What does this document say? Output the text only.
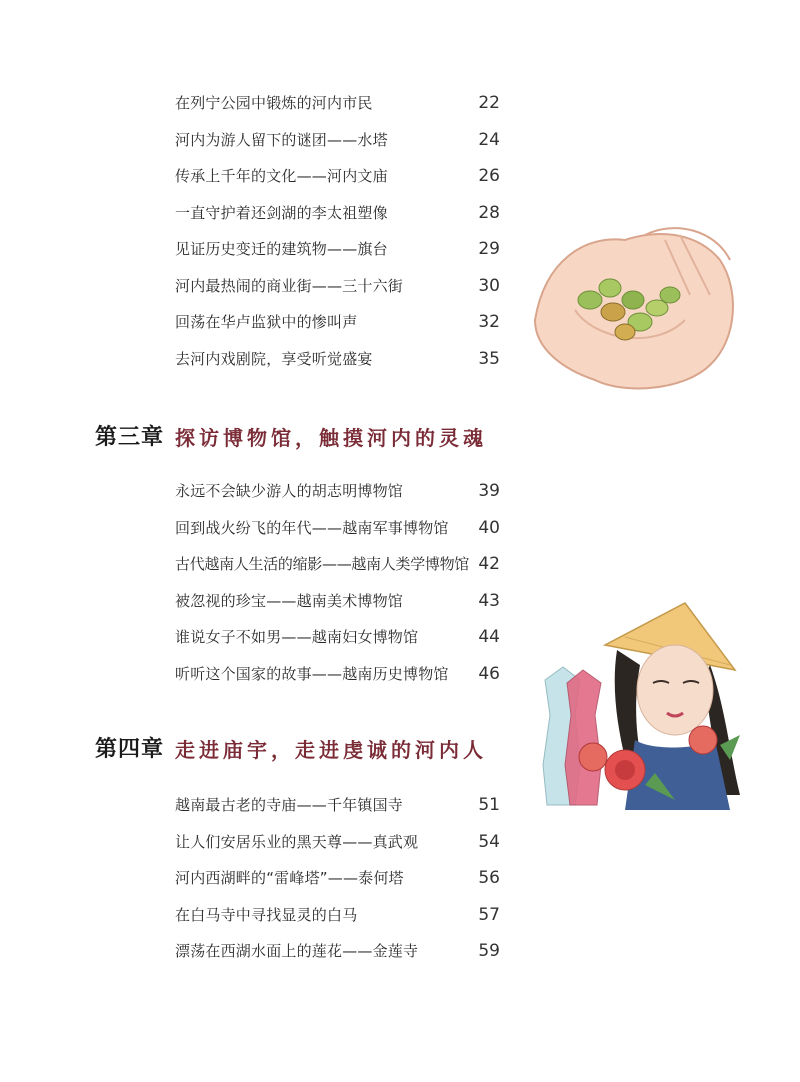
在列宁公园中锻炼的河内市民	22
河内为游人留下的谜团——水塔	24
传承上千年的文化——河内文庙	26
一直守护着还剑湖的李太祖塑像	28
见证历史变迁的建筑物——旗台	29
河内最热闹的商业街——三十六街	30
回荡在华卢监狱中的惨叫声	32
去河内戏剧院，享受听觉盛宴	35
第三章 探访博物馆，触摸河内的灵魂
永远不会缺少游人的胡志明博物馆	39
回到战火纷飞的年代——越南军事博物馆 40
古代越南人生活的缩影——越南人类学博物馆 42
被忽视的珍宝——越南美术博物馆	43
谁说女子不如男——越南妇女博物馆	44
听听这个国家的故事——越南历史博物馆 46
第四章 走进庙宇，走进虔诚的河内人
越南最古老的寺庙——千年镇国寺	51
让人们安居乐业的黑天尊——真武观	54
河内西湖畔的“雷峰塔”——泰何塔	56
在白马寺中寻找显灵的白马	57
漂荡在西湖水面上的莲花——金莲寺	59
